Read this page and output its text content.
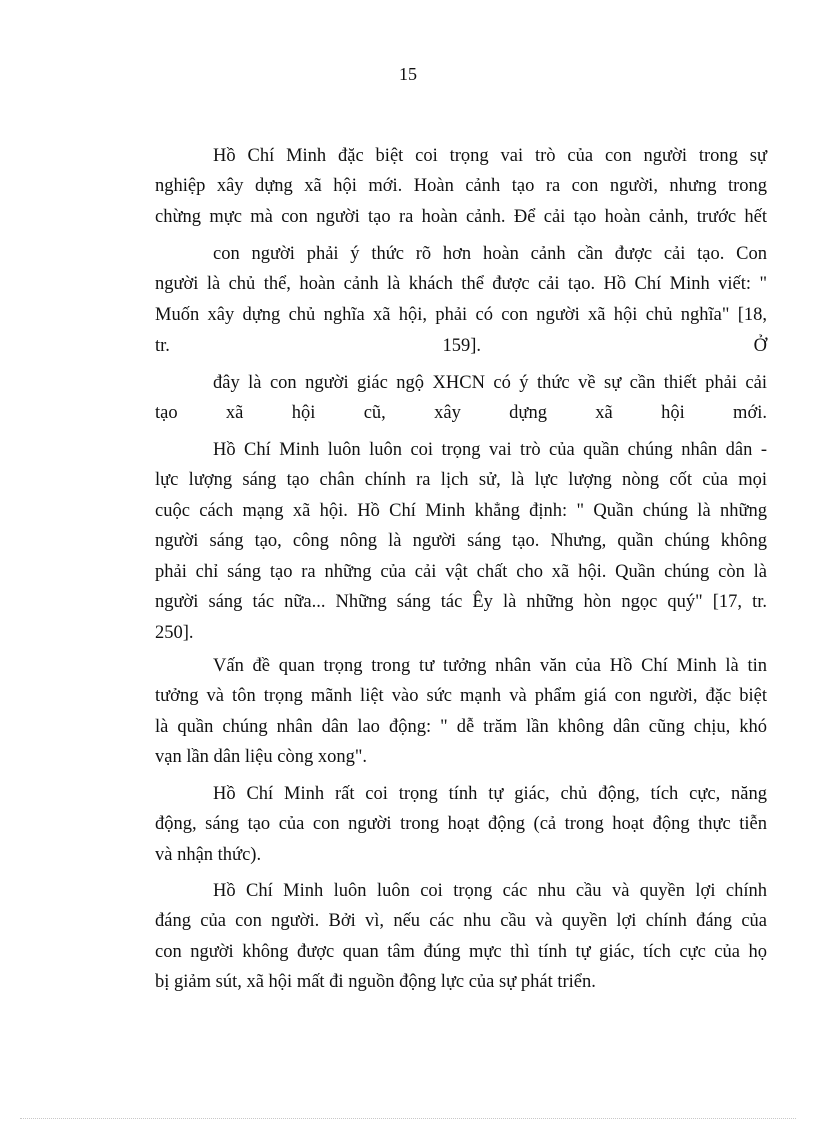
15
Hồ Chí Minh đặc biệt coi trọng vai trò của con người trong sự
nghiệp xây dựng xã hội mới. Hoàn cảnh tạo ra con người, nhưng trong
chừng mực mà con người tạo ra hoàn cảnh. Để cải tạo hoàn cảnh, trước hết
con người phải ý thức rõ hơn hoàn cảnh cần được cải tạo. Con
người là chủ thể, hoàn cảnh là khách thể được cải tạo. Hồ Chí Minh viết: "
Muốn xây dựng chủ nghĩa xã hội, phải có con người xã hội chủ nghĩa" [18,
tr. 159]. Ở
đây là con người giác ngộ XHCN có ý thức về sự cần thiết phải cải
tạo xã hội cũ, xây dựng xã hội mới.
Hồ Chí Minh luôn luôn coi trọng vai trò của quần chúng nhân dân -
lực lượng sáng tạo chân chính ra lịch sử, là lực lượng nòng cốt của mọi
cuộc cách mạng xã hội. Hồ Chí Minh khẳng định: " Quần chúng là những
người sáng tạo, công nông là người sáng tạo. Nhưng, quần chúng không
phải chỉ sáng tạo ra những của cải vật chất cho xã hội. Quần chúng còn là
người sáng tác nữa... Những sáng tác Êy là những hòn ngọc quý" [17, tr.
250].
Vấn đề quan trọng trong tư tưởng nhân văn của Hồ Chí Minh là tin
tưởng và tôn trọng mãnh liệt vào sức mạnh và phẩm giá con người, đặc biệt
là quần chúng nhân dân lao động: " dễ trăm lần không dân cũng chịu, khó
vạn lần dân liệu còng xong".
Hồ Chí Minh rất coi trọng tính tự giác, chủ động, tích cực, năng
động, sáng tạo của con người trong hoạt động (cả trong hoạt động thực tiễn
và nhận thức).
Hồ Chí Minh luôn luôn coi trọng các nhu cầu và quyền lợi chính
đáng của con người. Bởi vì, nếu các nhu cầu và quyền lợi chính đáng của
con người không được quan tâm đúng mực thì tính tự giác, tích cực của họ
bị giảm sút, xã hội mất đi nguồn động lực của sự phát triển.
